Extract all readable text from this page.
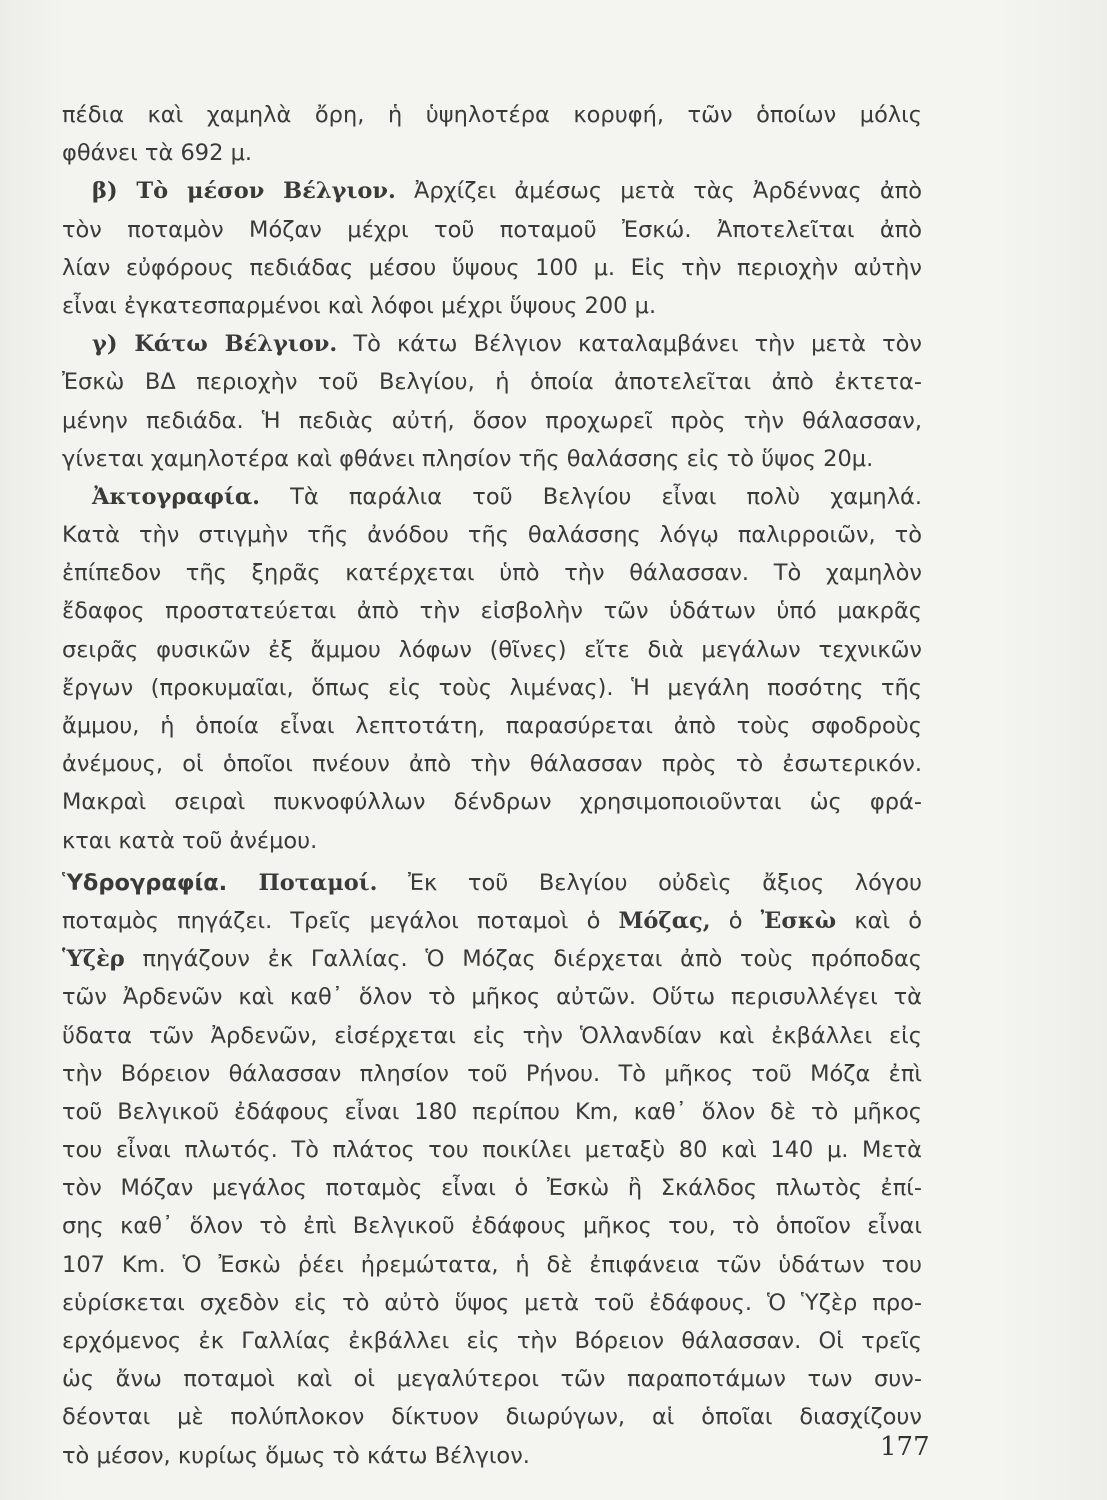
πέδια καὶ χαμηλὰ ὄρη, ἡ ὑψηλοτέρα κορυφή, τῶν ὁποίων μόλις
φθάνει τὰ 692 μ.
β) Τὸ μέσον Βέλγιον. Ἀρχίζει ἀμέσως μετὰ τὰς Ἀρδέννας ἀπὸ
τὸν ποταμὸν Μόζαν μέχρι τοῦ ποταμοῦ Ἐσκώ. Ἀποτελεῖται ἀπὸ
λίαν εὐφόρους πεδιάδας μέσου ὕψους 100 μ. Εἰς τὴν περιοχὴν αὐτὴν
εἶναι ἐγκατεσπαρμένοι καὶ λόφοι μέχρι ὕψους 200 μ.
γ) Κάτω Βέλγιον. Τὸ κάτω Βέλγιον καταλαμβάνει τὴν μετὰ τὸν
Ἐσκὼ ΒΔ περιοχὴν τοῦ Βελγίου, ἡ ὁποία ἀποτελεῖται ἀπὸ ἐκτετα-
μένην πεδιάδα. Ἡ πεδιὰς αὐτή, ὅσον προχωρεῖ πρὸς τὴν θάλασσαν,
γίνεται χαμηλοτέρα καὶ φθάνει πλησίον τῆς θαλάσσης εἰς τὸ ὕψος 20μ.
Ἀκτογραφία. Τὰ παράλια τοῦ Βελγίου εἶναι πολὺ χαμηλά.
Κατὰ τὴν στιγμὴν τῆς ἀνόδου τῆς θαλάσσης λόγῳ παλιρροιῶν, τὸ
ἐπίπεδον τῆς ξηρᾶς κατέρχεται ὑπὸ τὴν θάλασσαν. Τὸ χαμηλὸν
ἔδαφος προστατεύεται ἀπὸ τὴν εἰσβολὴν τῶν ὑδάτων ὑπό μακρᾶς
σειρᾶς φυσικῶν ἐξ ἄμμου λόφων (θῖνες) εἴτε διὰ μεγάλων τεχνικῶν
ἔργων (προκυμαῖαι, ὅπως εἰς τοὺς λιμένας). Ἡ μεγάλη ποσότης τῆς
ἄμμου, ἡ ὁποία εἶναι λεπτοτάτη, παρασύρεται ἀπὸ τοὺς σφοδροὺς
ἀνέμους, οἱ ὁποῖοι πνέουν ἀπὸ τὴν θάλασσαν πρὸς τὸ ἐσωτερικόν.
Μακραὶ σειραὶ πυκνοφύλλων δένδρων χρησιμοποιοῦνται ὡς φρά-
κται κατὰ τοῦ ἀνέμου.
Ὑδρογραφία. Ποταμοί. Ἐκ τοῦ Βελγίου οὐδεὶς ἄξιος λόγου
ποταμὸς πηγάζει. Τρεῖς μεγάλοι ποταμοὶ ὁ Μόζας, ὁ Ἐσκὼ καὶ ὁ
Ὑζὲρ πηγάζουν ἐκ Γαλλίας. Ὁ Μόζας διέρχεται ἀπὸ τοὺς πρόποδας
τῶν Ἀρδενῶν καὶ καθ᾽ ὅλον τὸ μῆκος αὐτῶν. Οὕτω περισυλλέγει τὰ
ὕδατα τῶν Ἀρδενῶν, εἰσέρχεται εἰς τὴν Ὁλλανδίαν καὶ ἐκβάλλει εἰς
τὴν Βόρειον θάλασσαν πλησίον τοῦ Ρήνου. Τὸ μῆκος τοῦ Μόζα ἐπὶ
τοῦ Βελγικοῦ ἐδάφους εἶναι 180 περίπου Km, καθ᾽ ὅλον δὲ τὸ μῆκος
του εἶναι πλωτός. Τὸ πλάτος του ποικίλει μεταξὺ 80 καὶ 140 μ. Μετὰ
τὸν Μόζαν μεγάλος ποταμὸς εἶναι ὁ Ἐσκὼ ἢ Σκάλδος πλωτὸς ἐπί-
σης καθ᾽ ὅλον τὸ ἐπὶ Βελγικοῦ ἐδάφους μῆκος του, τὸ ὁποῖον εἶναι
107 Km. Ὁ Ἐσκὼ ῥέει ἠρεμώτατα, ἡ δὲ ἐπιφάνεια τῶν ὑδάτων του
εὑρίσκεται σχεδὸν εἰς τὸ αὐτὸ ὕψος μετὰ τοῦ ἐδάφους. Ὁ Ὑζὲρ προ-
ερχόμενος ἐκ Γαλλίας ἐκβάλλει εἰς τὴν Βόρειον θάλασσαν. Οἱ τρεῖς
ὡς ἄνω ποταμοὶ καὶ οἱ μεγαλύτεροι τῶν παραποτάμων των συν-
δέονται μὲ πολύπλοκον δίκτυον διωρύγων, αἱ ὁποῖαι διασχίζουν
τὸ μέσον, κυρίως ὅμως τὸ κάτω Βέλγιον.	177
